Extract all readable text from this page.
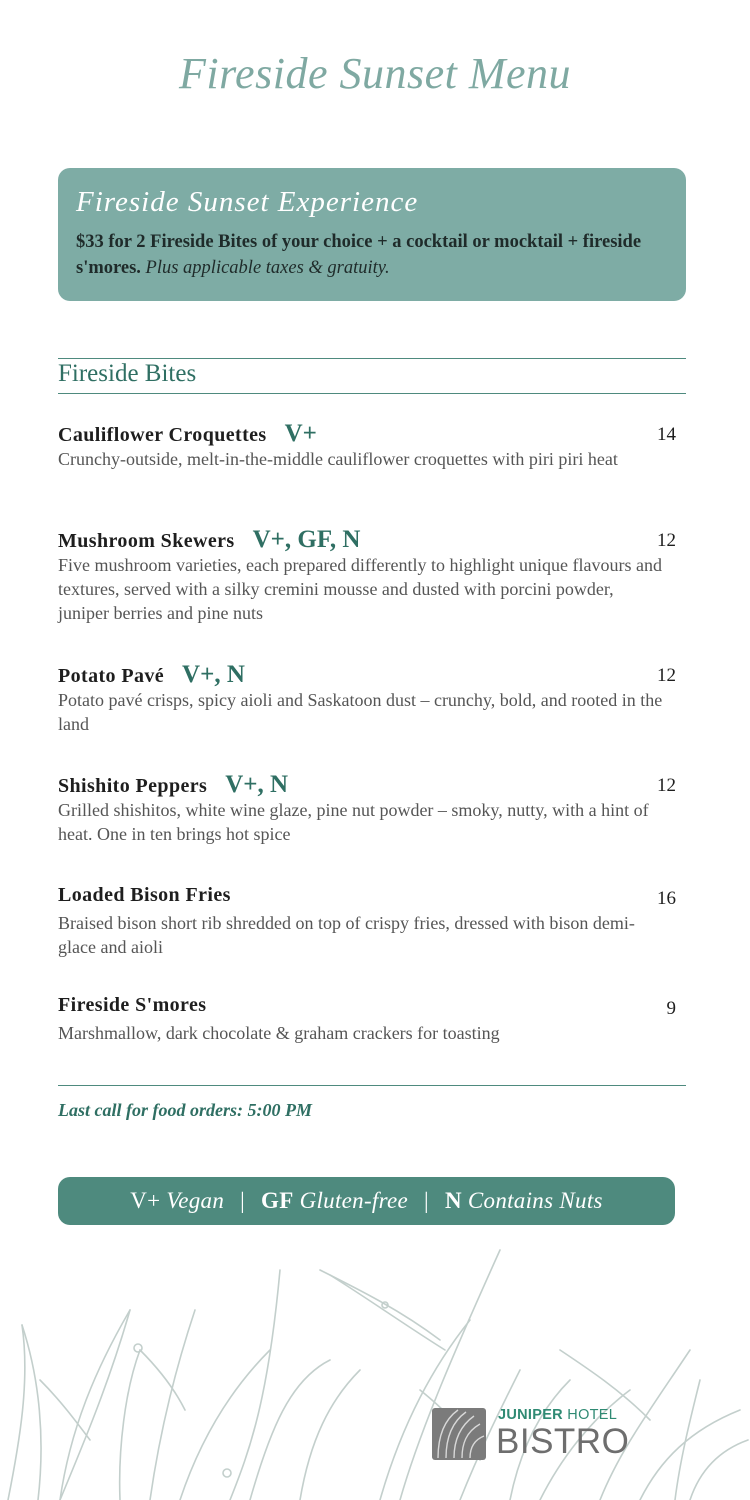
Fireside Sunset Menu
Fireside Sunset Experience
$33 for 2 Fireside Bites of your choice + a cocktail or mocktail + fireside s'mores. Plus applicable taxes & gratuity.
Fireside Bites
Cauliflower Croquettes V+	14
Crunchy-outside, melt-in-the-middle cauliflower croquettes with piri piri heat
Mushroom Skewers V+, GF, N	12
Five mushroom varieties, each prepared differently to highlight unique flavours and textures, served with a silky cremini mousse and dusted with porcini powder, juniper berries and pine nuts
Potato Pavé V+, N	12
Potato pavé crisps, spicy aioli and Saskatoon dust – crunchy, bold, and rooted in the land
Shishito Peppers V+, N	12
Grilled shishitos, white wine glaze, pine nut powder – smoky, nutty, with a hint of heat. One in ten brings hot spice
Loaded Bison Fries	16
Braised bison short rib shredded on top of crispy fries, dressed with bison demi-glace and aioli
Fireside S'mores	9
Marshmallow, dark chocolate & graham crackers for toasting
Last call for food orders: 5:00 PM
V+ Vegan | GF Gluten-free | N Contains Nuts
JUNIPER HOTEL
BISTRO
